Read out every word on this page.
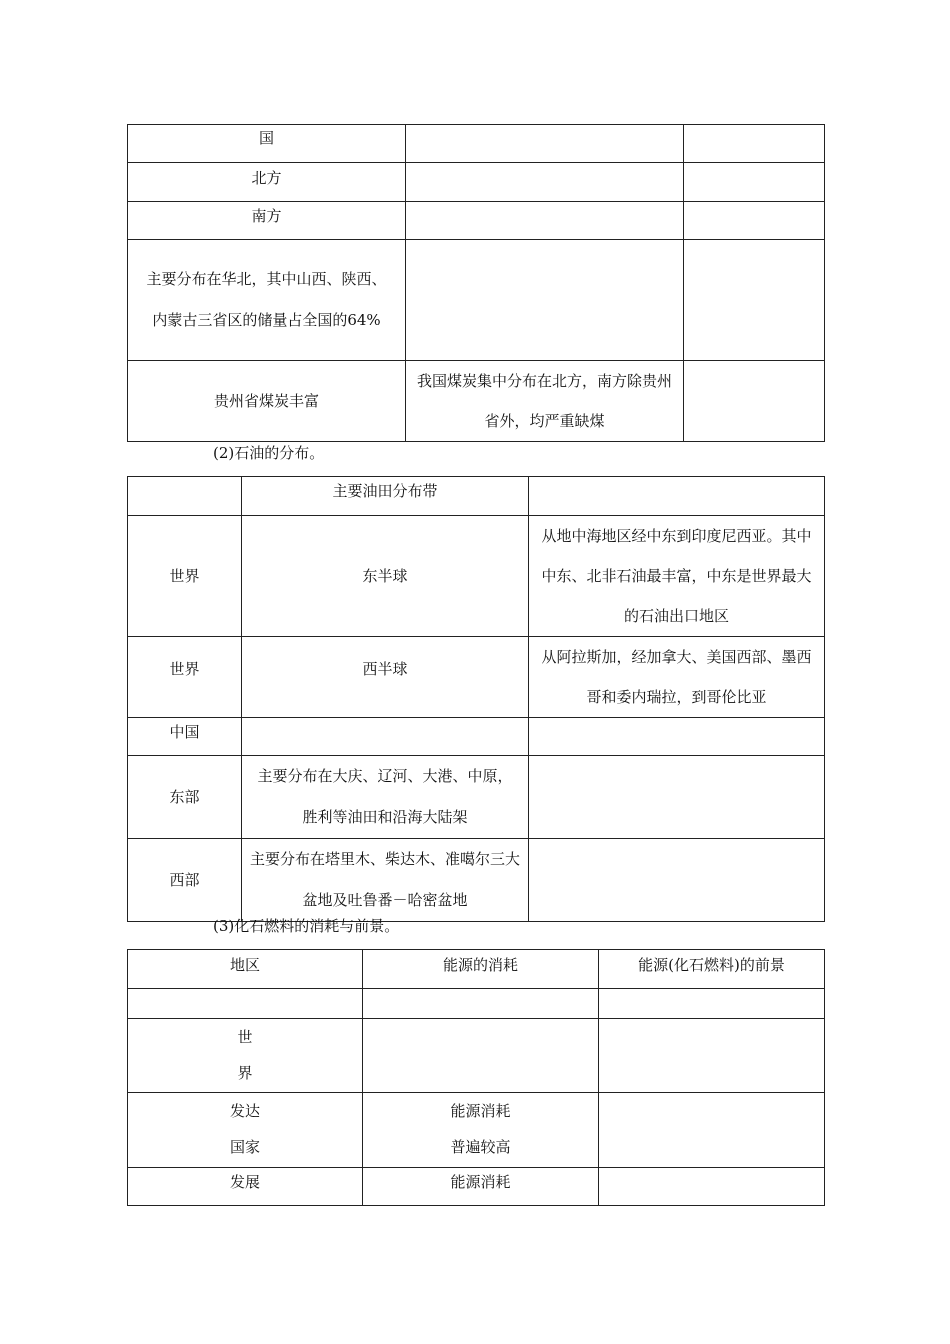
国		
北方		
南方		
主要分布在华北，其中山西、陕西、内蒙古三省区的储量占全国的64%		
贵州省煤炭丰富	我国煤炭集中分布在北方，南方除贵州省外，均严重缺煤	
(2)石油的分布。
	主要油田分布带	
世界	东半球	从地中海地区经中东到印度尼西亚。其中中东、北非石油最丰富，中东是世界最大的石油出口地区
世界	西半球	从阿拉斯加，经加拿大、美国西部、墨西哥和委内瑞拉，到哥伦比亚
中国		
东部	主要分布在大庆、辽河、大港、中原，胜利等油田和沿海大陆架	
西部	主要分布在塔里木、柴达木、准噶尔三大盆地及吐鲁番－哈密盆地	
(3)化石燃料的消耗与前景。
地区	能源的消耗	能源(化石燃料)的前景

世界		

发达国家	能源消耗普遍较高	

发展	能源消耗	
